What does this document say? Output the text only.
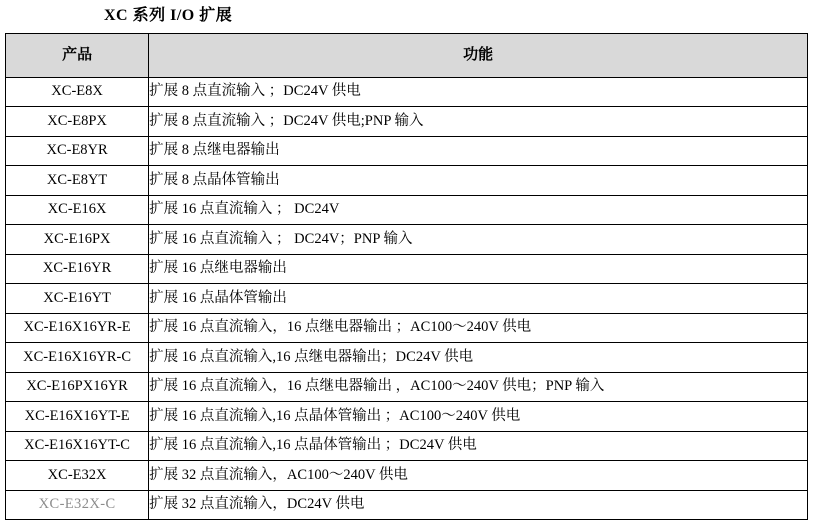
XC 系列 I/O 扩展
产品	功能
XC-E8X	扩展 8 点直流输入 ；DC24V 供电
XC-E8PX	扩展 8 点直流输入 ；DC24V 供电;PNP 输入
XC-E8YR	扩展 8 点继电器输出
XC-E8YT	扩展 8 点晶体管输出
XC-E16X	扩展 16 点直流输入 ； DC24V
XC-E16PX	扩展 16 点直流输入 ； DC24V；PNP 输入
XC-E16YR	扩展 16 点继电器输出
XC-E16YT	扩展 16 点晶体管输出
XC-E16X16YR-E	扩展 16 点直流输入，16 点继电器输出 ；AC100～240V 供电
XC-E16X16YR-C	扩展 16 点直流输入,16 点继电器输出；DC24V 供电
XC-E16PX16YR	扩展 16 点直流输入，16 点继电器输出 ，AC100～240V 供电；PNP 输入
XC-E16X16YT-E	扩展 16 点直流输入,16 点晶体管输出 ；AC100～240V 供电
XC-E16X16YT-C	扩展 16 点直流输入,16 点晶体管输出 ；DC24V 供电
XC-E32X	扩展 32 点直流输入，AC100～240V 供电
XC-E32X-C	扩展 32 点直流输入，DC24V 供电
